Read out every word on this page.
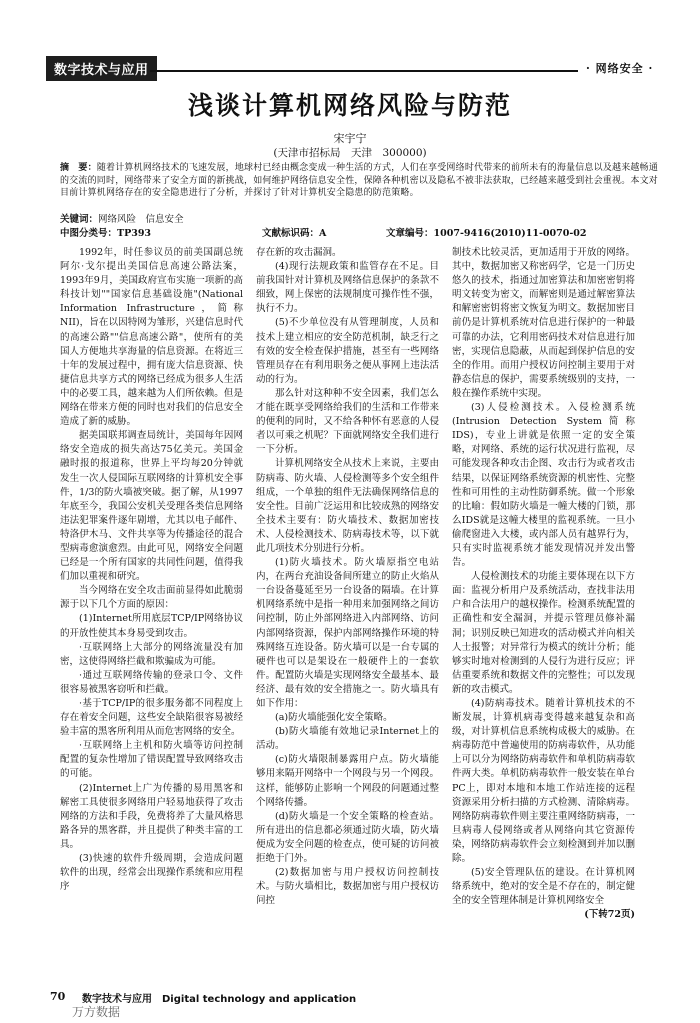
数字技术与应用	· 网络安全 ·
浅谈计算机网络风险与防范
宋宇宁
(天津市招标局　天津　300000)
摘　要：随着计算机网络技术的飞速发展，地球村已经由概念变成一种生活的方式，人们在享受网络时代带来的前所未有的海量信息以及越来越畅通的交流的同时，网络带来了安全方面的新挑战，如何维护网络信息安全性，保障各种机密以及隐私不被非法获取，已经越来越受到社会重视。本文对目前计算机网络存在的安全隐患进行了分析，并探讨了针对计算机安全隐患的防范策略。
关键词：网络风险　信息安全
中图分类号：TP393	文献标识码：A	文章编号：1007-9416(2010)11-0070-02

1992年，时任参议员的前美国副总统阿尔·戈尔提出美国信息高速公路法案，1993年9月，美国政府宣布实施一项新的高科技计划""国家信息基础设施"(National Information Infrastructure，简称NII)，旨在以因特网为雏形，兴建信息时代的高速公路""信息高速公路"，使所有的美国人方便地共享海量的信息资源。在将近三十年的发展过程中，拥有庞大信息资源、快捷信息共享方式的网络已经成为很多人生活中的必要工具，越来越为人们所依赖。但是网络在带来方便的同时也对我们的信息安全造成了新的威胁。

据美国联邦调查局统计，美国每年因网络安全造成的损失高达75亿美元。美国金融时报的报道称，世界上平均每20分钟就发生一次人侵国际互联网络的计算机安全事件，1/3的防火墙被突破。据了解，从1997年底至今，我国公安机关受理各类信息网络违法犯罪案件逐年剧增，尤其以电子邮件、特洛伊木马、文件共享等为传播途径的混合型病毒愈演愈烈。由此可见，网络安全问题已经是一个所有国家的共同性问题，值得我们加以重视和研究。

当今网络在安全攻击面前显得如此脆弱源于以下几个方面的原因：

(1)Internet所用底层TCP/IP网络协议的开放性使其本身易受到攻击。

·互联网络上大部分的网络流量没有加密，这使得网络拦截和欺骗成为可能。

·通过互联网络传输的登录口令、文件很容易被黑客窃听和拦截。

·基于TCP/IP的很多服务都不同程度上存在着安全问题，这些安全缺陷很容易被经验丰富的黑客所利用从而危害网络的安全。

·互联网络上主机和防火墙等访问控制配置的复杂性增加了错误配置导致网络攻击的可能。

(2)Internet上广为传播的易用黑客和解密工具使很多网络用户轻易地获得了攻击网络的方法和手段，免费将养了大量风格思路各异的黑客群，并且提供了种类丰富的工具。

(3)快速的软件升级周期，会造成问题软件的出现，经常会出现操作系统和应用程序

存在新的攻击漏洞。

(4)现行法规政策和监管存在不足。目前我国针对计算机及网络信息保护的条款不细致，网上保密的法规制度可操作性不强，执行不力。

(5)不少单位没有从管理制度，人员和技术上建立相应的安全防范机制，缺乏行之有效的安全检查保护措施，甚至有一些网络管理员存在有利用职务之便从事网上违法活动的行为。

那么针对这种种不安全因素，我们怎么才能在既享受网络给我们的生活和工作带来的便利的同时，又不给各种怀有恶意的人侵者以可乘之机呢？下面就网络安全我们进行一下分析。

计算机网络安全从技术上来说，主要由防病毒、防火墙、人侵检测等多个安全组件组成，一个单独的组件无法确保网络信息的安全性。目前广泛运用和比较成熟的网络安全技术主要有：防火墙技术、数据加密技术、人侵检测技术、防病毒技术等，以下就此几项技术分别进行分析。

(1)防火墙技术。防火墙原指空电站内，在两台充油设备间所建立的防止火焰从一台设备蔓延至另一台设备的隔墙。在计算机网络系统中是指一种用来加强网络之间访问控制，防止外部网络进入内部网络、访问内部网络资源，保护内部网络操作环境的特殊网络互连设备。防火墙可以是一台专属的硬件也可以是架设在一般硬件上的一套软件。配置防火墙是实现网络安全最基本、最经济、最有效的安全措施之一。防火墙具有如下作用：

(a)防火墙能强化安全策略。

(b)防火墙能有效地记录Internet上的活动。

(c)防火墙限制暴露用户点。防火墙能够用来隔开网络中一个网段与另一个网段。这样，能够防止影响一个网段的问题通过整个网络传播。

(d)防火墙是一个安全策略的检查站。所有进出的信息都必须通过防火墙，防火墙便成为安全问题的检查点，使可疑的访问被拒绝于门外。

(2)数据加密与用户授权访问控制技术。与防火墙相比，数据加密与用户授权访问控

制技术比较灵活，更加适用于开放的网络。其中，数据加密又称密码学，它是一门历史悠久的技术，指通过加密算法和加密密钥将明文转变为密文，而解密则是通过解密算法和解密密钥将密文恢复为明文。数据加密目前仍是计算机系统对信息进行保护的一种最可靠的办法，它利用密码技术对信息进行加密，实现信息隐蔽，从而起到保护信息的安全的作用。而用户授权访问控制主要用于对静态信息的保护，需要系统级别的支持，一般在操作系统中实现。

(3)人侵检测技术。入侵检测系统(Intrusion Detection System简称IDS)，专业上讲就是依照一定的安全策略，对网络、系统的运行状况进行监视，尽可能发现各种攻击企图、攻击行为或者攻击结果，以保证网络系统资源的机密性、完整性和可用性的主动性防御系统。做一个形象的比喻：假如防火墙是一幢大楼的门锁，那么IDS就是这幢大楼里的监视系统。一旦小偷爬窗进入大楼，或内部人员有越界行为，只有实时监视系统才能发现情况并发出警告。

人侵检测技术的功能主要体现在以下方面：监视分析用户及系统活动，查找非法用户和合法用户的越权操作。检测系统配置的正确性和安全漏洞，并提示管理员修补漏洞；识别反映已知进攻的活动模式并向相关人士报警；对异常行为模式的统计分析；能够实时地对检测到的人侵行为进行反应；评估重要系统和数据文件的完整性；可以发现新的攻击模式。

(4)防病毒技术。随着计算机技术的不断发展，计算机病毒变得越来越复杂和高级，对计算机信息系统构成极大的威胁。在病毒防范中普遍使用的防病毒软件，从功能上可以分为网络防病毒软件和单机防病毒软件两大类。单机防病毒软件一般安装在单台PC上，即对本地和本地工作站连接的远程资源采用分析扫描的方式检测、清除病毒。网络防病毒软件则主要注重网络防病毒，一旦病毒人侵网络或者从网络向其它资源传染，网络防病毒软件会立刻检测到并加以删除。

(5)安全管理队伍的建设。在计算机网络系统中，绝对的安全是不存在的，制定健全的安全管理体制是计算机网络安全

(下转72页)

70 数字技术与应用　Digital technology and application
万方数据
